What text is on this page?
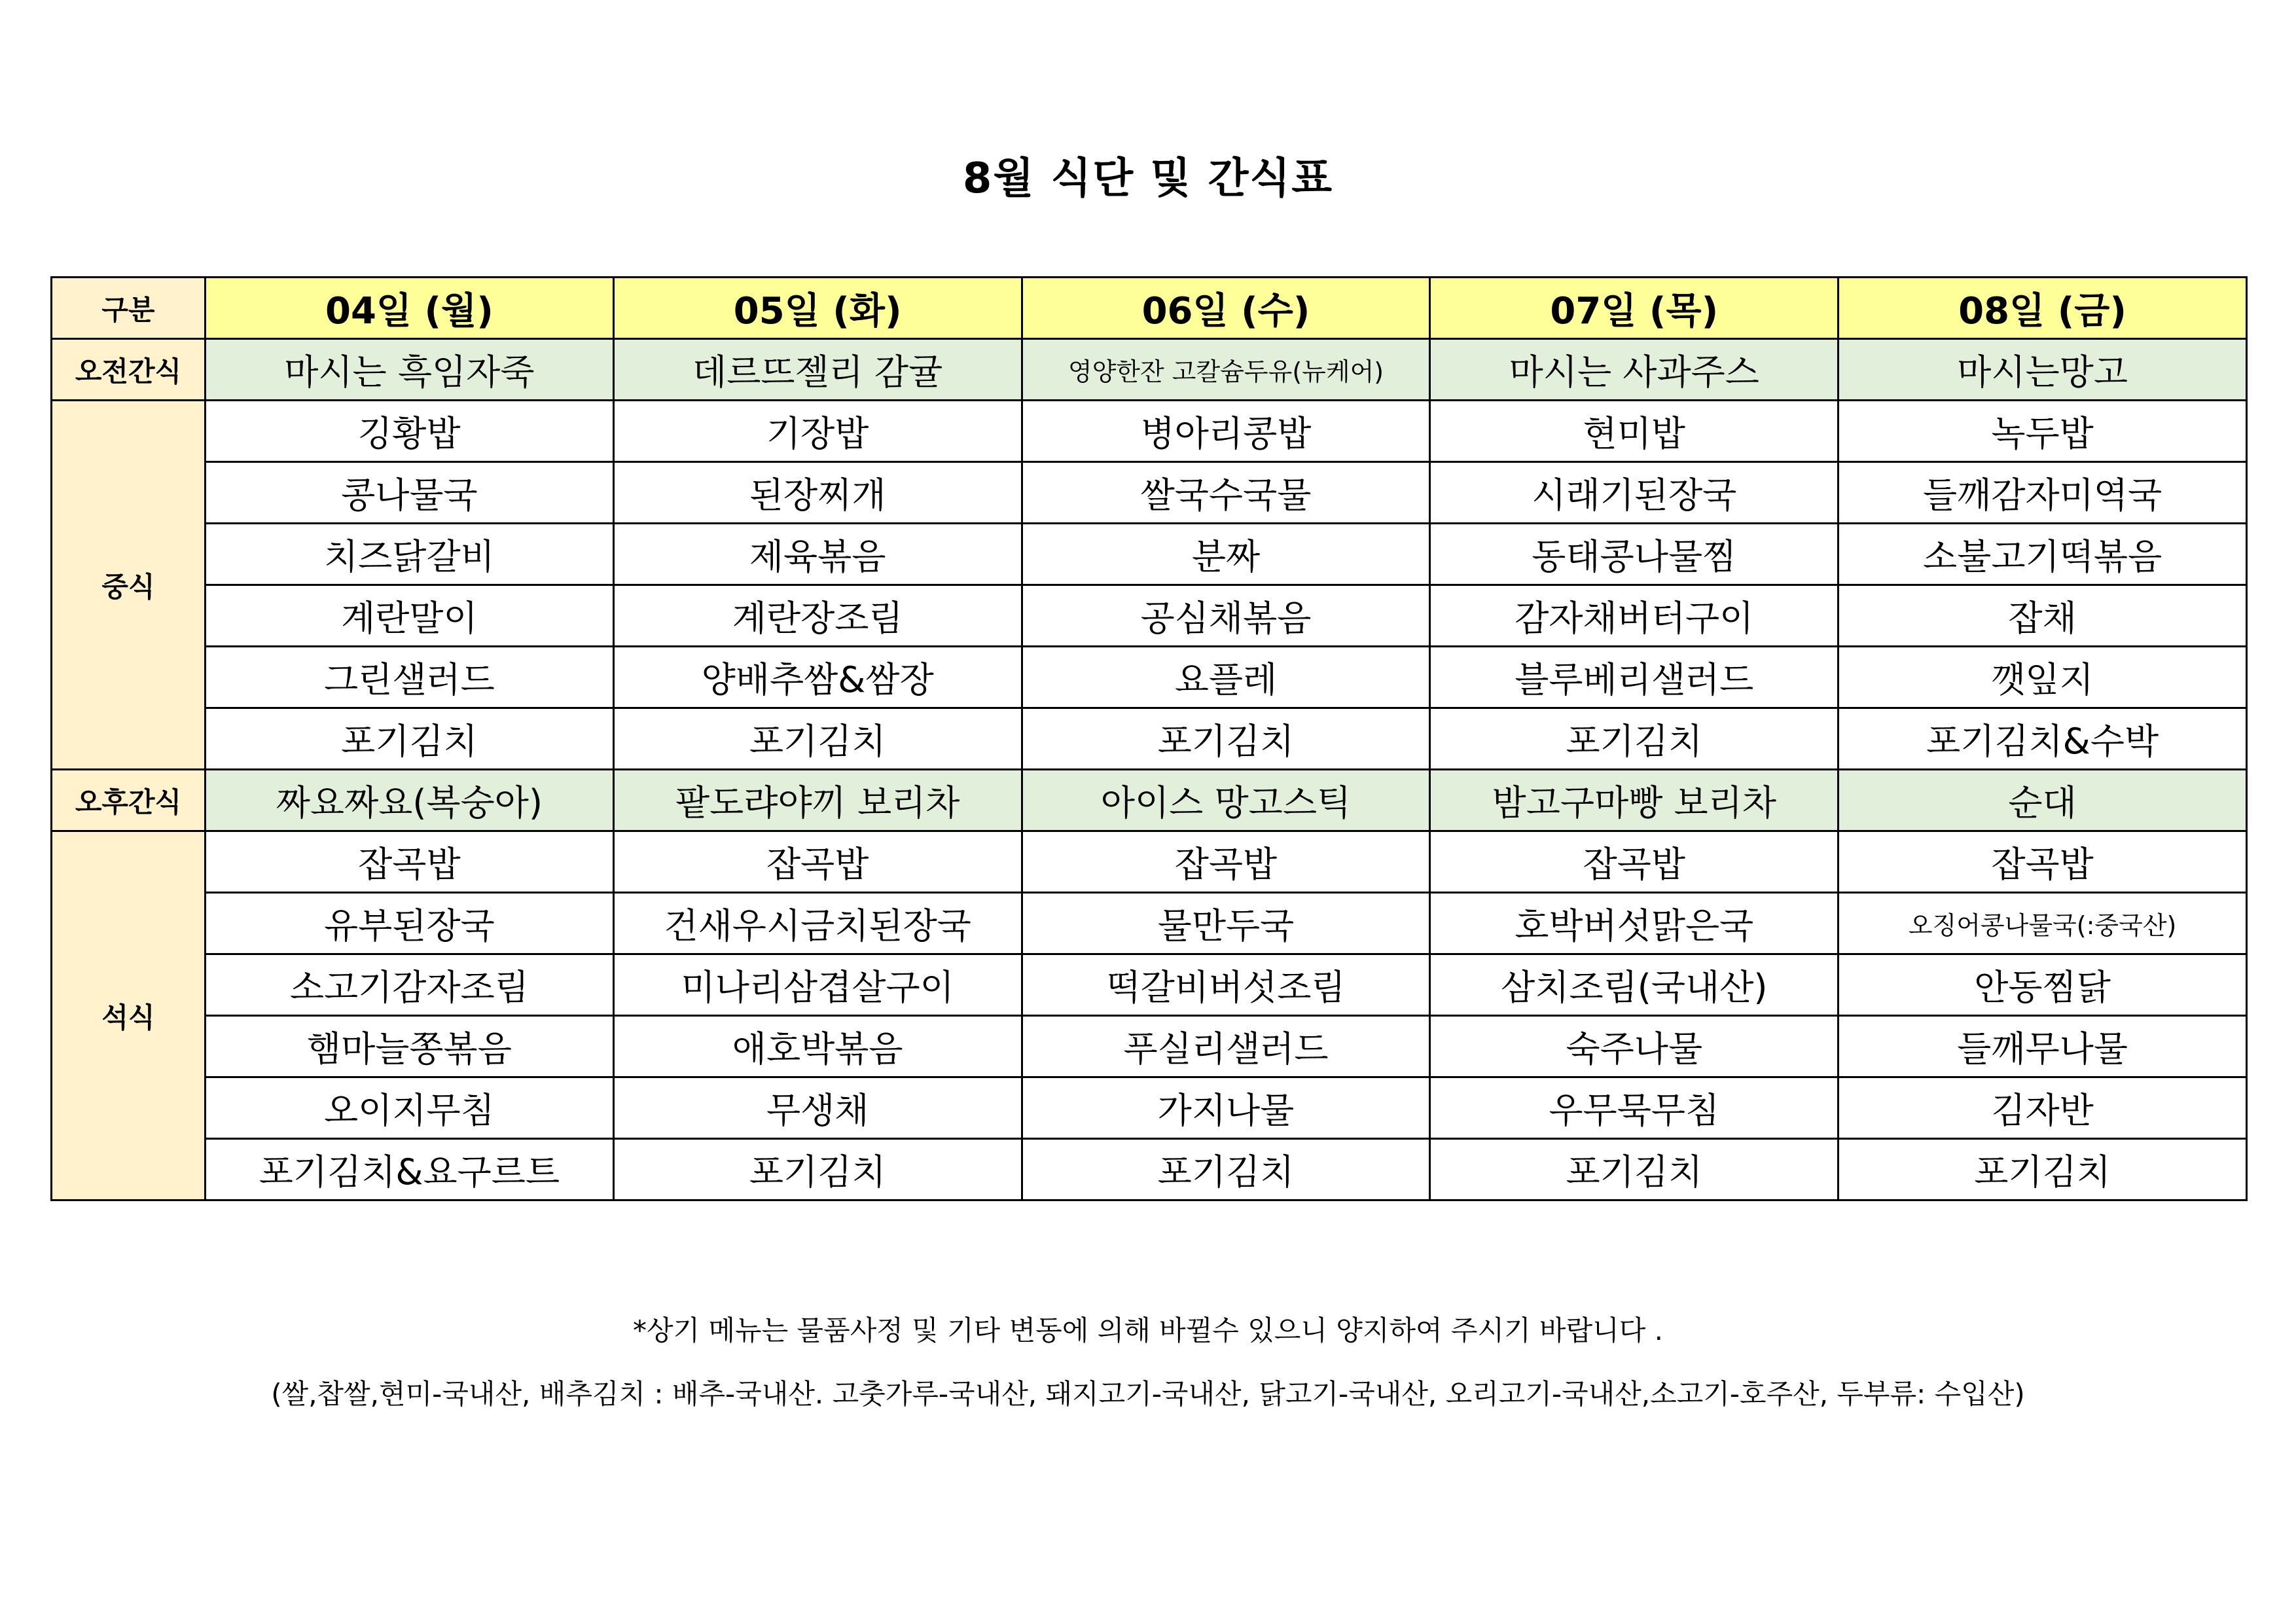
8월 식단 및 간식표
구분	04일 (월)	05일 (화)	06일 (수)	07일 (목)	08일 (금)
오전간식	마시는 흑임자죽	데르뜨젤리 감귤	영양한잔 고칼슘두유(뉴케어)	마시는 사과주스	마시는망고
중식	깅황밥	기장밥	병아리콩밥	현미밥	녹두밥
	콩나물국	된장찌개	쌀국수국물	시래기된장국	들깨감자미역국
	치즈닭갈비	제육볶음	분짜	동태콩나물찜	소불고기떡볶음
	계란말이	계란장조림	공심채볶음	감자채버터구이	잡채
	그린샐러드	양배추쌈&쌈장	요플레	블루베리샐러드	깻잎지
	포기김치	포기김치	포기김치	포기김치	포기김치&수박
오후간식	짜요짜요(복숭아)	팥도랴야끼 보리차	아이스 망고스틱	밤고구마빵 보리차	순대
석식	잡곡밥	잡곡밥	잡곡밥	잡곡밥	잡곡밥
	유부된장국	건새우시금치된장국	물만두국	호박버섯맑은국	오징어콩나물국(:중국산)
	소고기감자조림	미나리삼겹살구이	떡갈비버섯조림	삼치조림(국내산)	안동찜닭
	햄마늘쫑볶음	애호박볶음	푸실리샐러드	숙주나물	들깨무나물
	오이지무침	무생채	가지나물	우무묵무침	김자반
	포기김치&요구르트	포기김치	포기김치	포기김치	포기김치
*상기 메뉴는 물품사정 및 기타 변동에 의해 바뀔수 있으니 양지하여 주시기 바랍니다 .
(쌀,찹쌀,현미-국내산, 배추김치 : 배추-국내산. 고춧가루-국내산, 돼지고기-국내산, 닭고기-국내산, 오리고기-국내산,소고기-호주산, 두부류: 수입산)
